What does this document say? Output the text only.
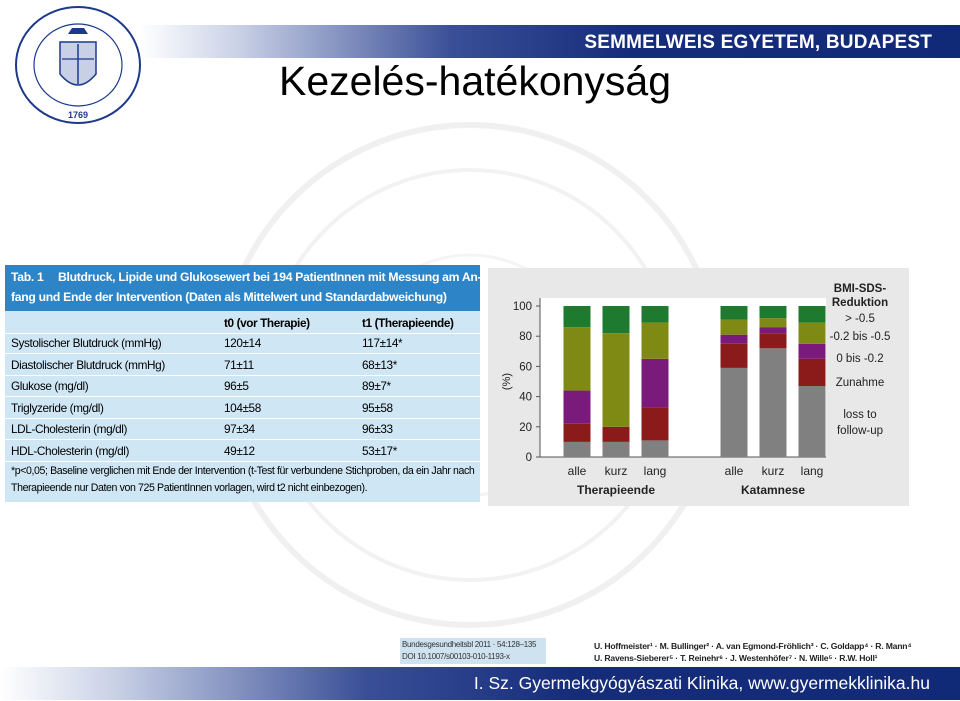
SEMMELWEIS EGYETEM, BUDAPEST
1769
Kezelés-hatékonyság
Tab. 1 Blutdruck, Lipide und Glukosewert bei 194 PatientInnen mit Messung am An-
fang und Ende der Intervention (Daten als Mittelwert und Standardabweichung)
t0 (vor Therapie)	t1 (Therapieende)
Systolischer Blutdruck (mmHg)	120±14	117±14*
Diastolischer Blutdruck (mmHg)	71±11	68±13*
Glukose (mg/dl)	96±5	89±7*
Triglyzeride (mg/dl)	104±58	95±58
LDL-Cholesterin (mg/dl)	97±34	96±33
HDL-Cholesterin (mg/dl)	49±12	53±17*
*p<0,05; Baseline verglichen mit Ende der Intervention (t-Test für verbundene Stichproben, da ein Jahr nach
Therapieende nur Daten von 725 PatientInnen vorlagen, wird t2 nicht einbezogen).
0
20
40
60
80
100
(%)
alle kurz lang	alle kurz lang
Therapieende	Katamnese
BMI-SDS-
Reduktion
> -0.5
-0.2 bis -0.5
0 bis -0.2
Zunahme
loss to
follow-up
Bundesgesundheitsbl 2011 · 54:128–135
DOI 10.1007/s00103-010-1193-x
U. Hoffmeister¹ · M. Bullinger² · A. van Egmond-Fröhlich³ · C. Goldapp⁴ · R. Mann⁴
U. Ravens-Sieberer⁵ · T. Reinehr⁶ · J. Westenhöfer⁷ · N. Wille⁵ · R.W. Holl¹
I. Sz. Gyermekgyógyászati Klinika, www.gyermekklinika.hu
